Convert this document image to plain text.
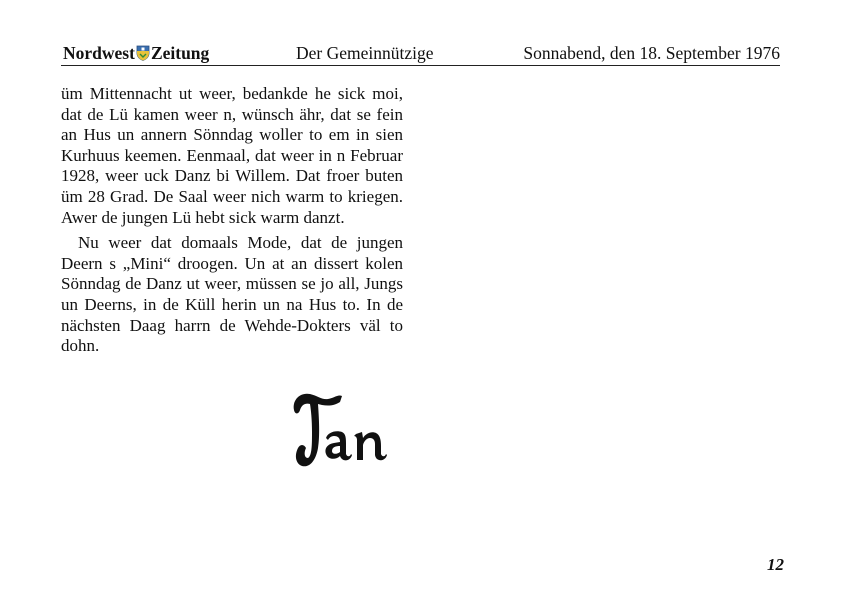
Nordwest Zeitung	Der Gemeinnützige	Sonnabend, den 18. September 1976

üm Mittennacht ut weer, bedankde he sick moi, dat de Lü kamen weer n, wünsch ähr, dat se fein an Hus un annern Sönndag woller to em in sien Kurhuus keemen. Eenmaal, dat weer in n Februar 1928, weer uck Danz bi Willem. Dat froer buten üm 28 Grad. De Saal weer nich warm to kriegen. Awer de jungen Lü hebt sick warm danzt.

Nu weer dat domaals Mode, dat de jungen Deern s „Mini“ droogen. Un at an dissert kolen Sönndag de Danz ut weer, müssen se jo all, Jungs un Deerns, in de Küll herin un na Hus to. In de nächsten Daag harrn de Wehde-Dokters väl to dohn.

12
